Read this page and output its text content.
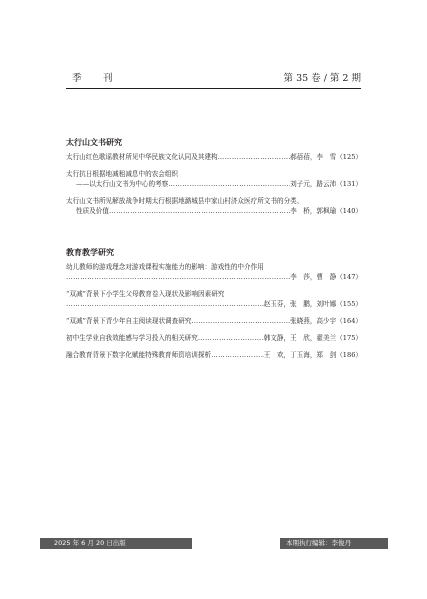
季　刊	第 35 卷 / 第 2 期
太行山文书研究
太行山红色歌谣教材所见中华民族文化认同及其建构 ……………………………………………………………………………………………	郝蓓蓓，李　雪（125）
太行抗日根据地减租减息中的农会组织
——以太行山文书为中心的考察 ……………………………………………………………………………………………	刘子元，路云沛（131）
太行山文书所见解放战争时期太行根据地潞城县申家山村济众医疗所文书的分类、
性质及价值 ……………………………………………………………………………………………	李　桥，郭枫瑜（140）
教育教学研究
幼儿教师的游戏理念对游戏课程实施能力的影响：游戏性的中介作用
……………………………………………………………………………………………
李　莎，曹　静（147）
“双减”背景下小学生父母教育卷入现状及影响因素研究
……………………………………………………………………………………………
赵玉芬，张　鹏，刘叶娜（155）
“双减”背景下青少年自主阅读现状调查研究 ……………………………………………………………………………………………	张晓燕，高少宇（164）
初中生学业自我效能感与学习投入的相关研究 ……………………………………………………………………………………………	韩文静，王　欣，翟美兰（175）
融合教育背景下数字化赋能特殊教育师资培训探析 ……………………………………………………………………………………………	王　欢，丁玉海，郑　剑（186）
2025 年 6 月 20 日出版	本期执行编辑：李俊丹
